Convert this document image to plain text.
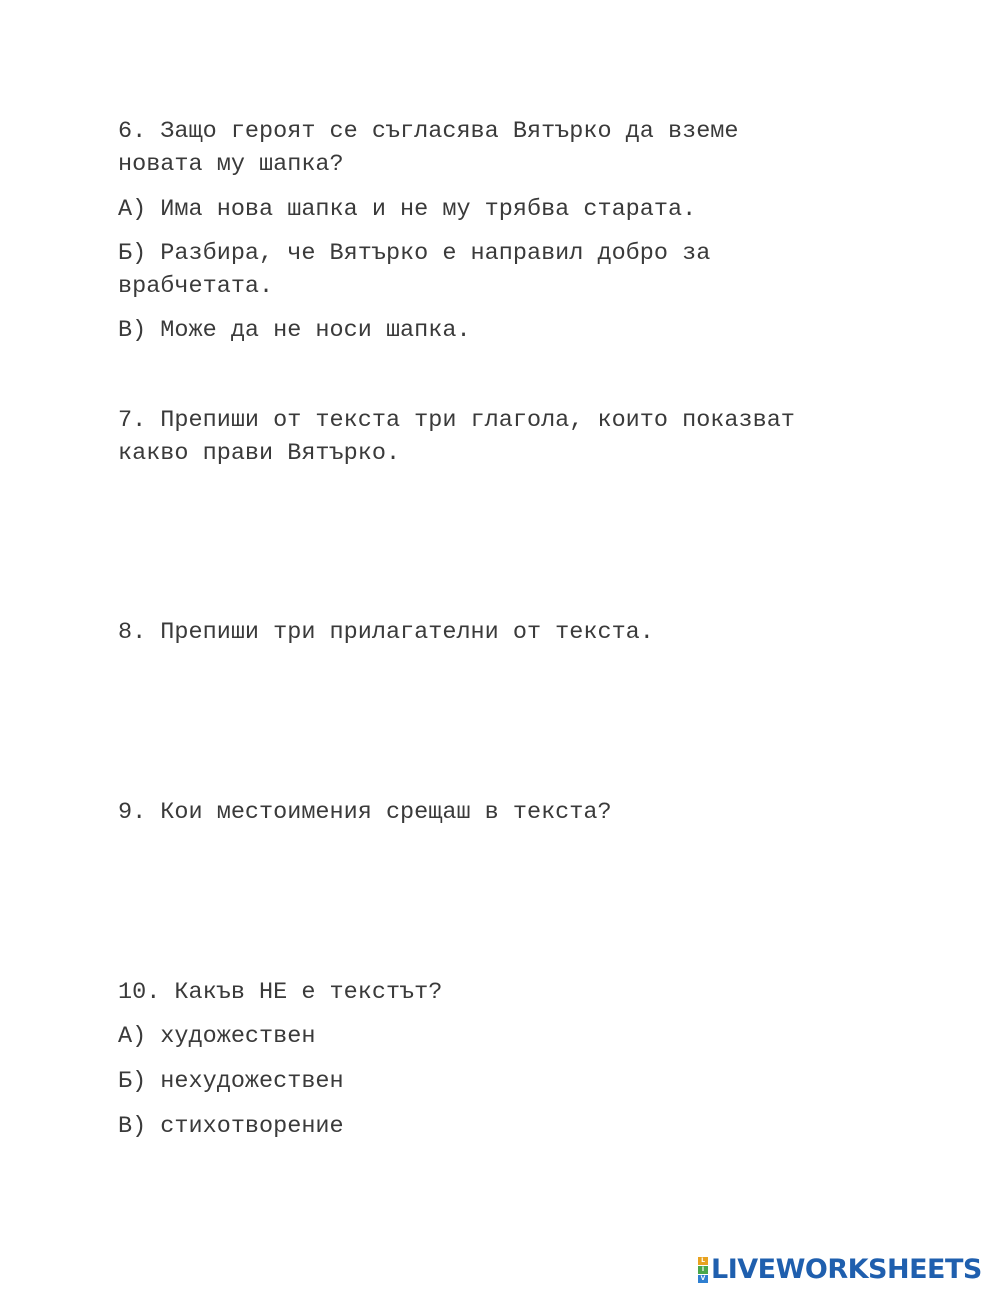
6. Защо героят се съгласява Вятърко да вземе

новата му шапка?

А) Има нова шапка и не му трябва старата.

Б) Разбира, че Вятърко е направил добро за

врабчетата.

В) Може да не носи шапка.

7. Препиши от текста три глагола, които показват

какво прави Вятърко.

8. Препиши три прилагателни от текста.

9. Кои местоимения срещаш в текста?

10. Какъв НЕ е текстът?

А) художествен

Б) нехудожествен

В) стихотворение

L
I
V LIVEWORKSHEETS
